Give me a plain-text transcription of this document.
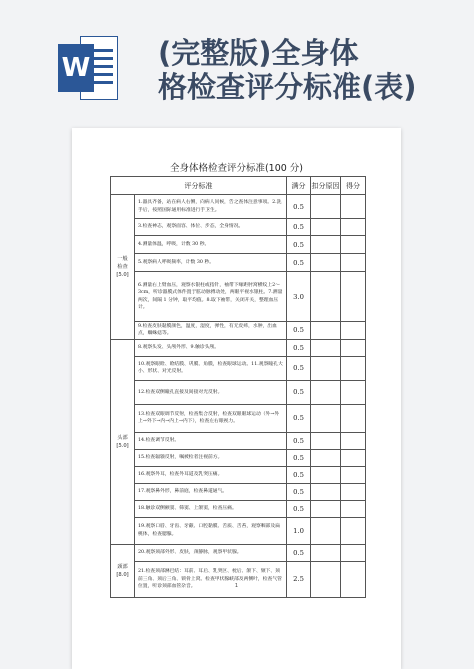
W (完整版)全身体
格检查评分标准(表)
全身体格检查评分标准(100 分)
评分标准		满分	扣分原因	得分

一般
检查
[5.0]	1.器具齐备，站在病人右侧，向病人问候，告之查体注意事项。2.洗手后，按照国际通用标准进行手卫生。	0.5		
	3.检查神志，观察面容、体位、步态，全身情况。	0.5		
	4.测量体温，呼吸，计数 30 秒。	0.5		
	5.观察病人呼吸频率，计数 30 秒。	0.5		
	6.测量右上臂血压，观察水银柱或指针，袖带下缘距肘窝横纹上2～3cm，听诊器膜式体件置于肱动脉搏动处，两眼平视水银柱。7.测量两次，间隔 1 分钟，取平均值。8.取下袖带，关闭开关，整理血压计。	3.0		
	9.检查皮肤黏膜颜色，温度，湿度，弹性，有无皮疹，水肿，出血点，蜘蛛痣等。	0.5		

头部
[5.0]	8.观察头发、头颅外形、9.触诊头颅。	0.5		
	10.观察眼睑、睑结膜、巩膜、角膜，检查眼球运动。11.观察瞳孔大小、形状、对光反射。	0.5		
	12.检查双侧瞳孔直接及间接对光反射。	0.5		
	13.检查双眼调节反射，检查集合反射，检查双眼眼球运动（外→外上→外下→内→内上→内下），检查左右眼视力。	0.5		
	14.检查调节反射。	0.5		
	15.检查辐辏反射，嘱被检者注视前方。	0.5		
	16.观察外耳，检查外耳道及乳突压痛。	0.5		
	17.观察鼻外形，鼻前庭，检查鼻道通气。	0.5		
	18.触诊双侧额窦、筛窦、上颌窦，检查压痛。	0.5		
	19.观察口唇、牙齿、牙龈、口腔黏膜、舌质、舌苔，观察咽部及扁桃体，检查腮腺。	1.0		

颈部
[8.0]	20.观察颈部外形、皮肤，颈静脉，观察甲状腺。	0.5		
	21.检查颈部淋巴结：耳前、耳后、乳突区、枕后、颌下、颏下、颈前三角、颈后三角、锁骨上窝。检查甲状腺峡部及两侧叶，检查气管位置，听诊颈部血管杂音。	2.5		
1
